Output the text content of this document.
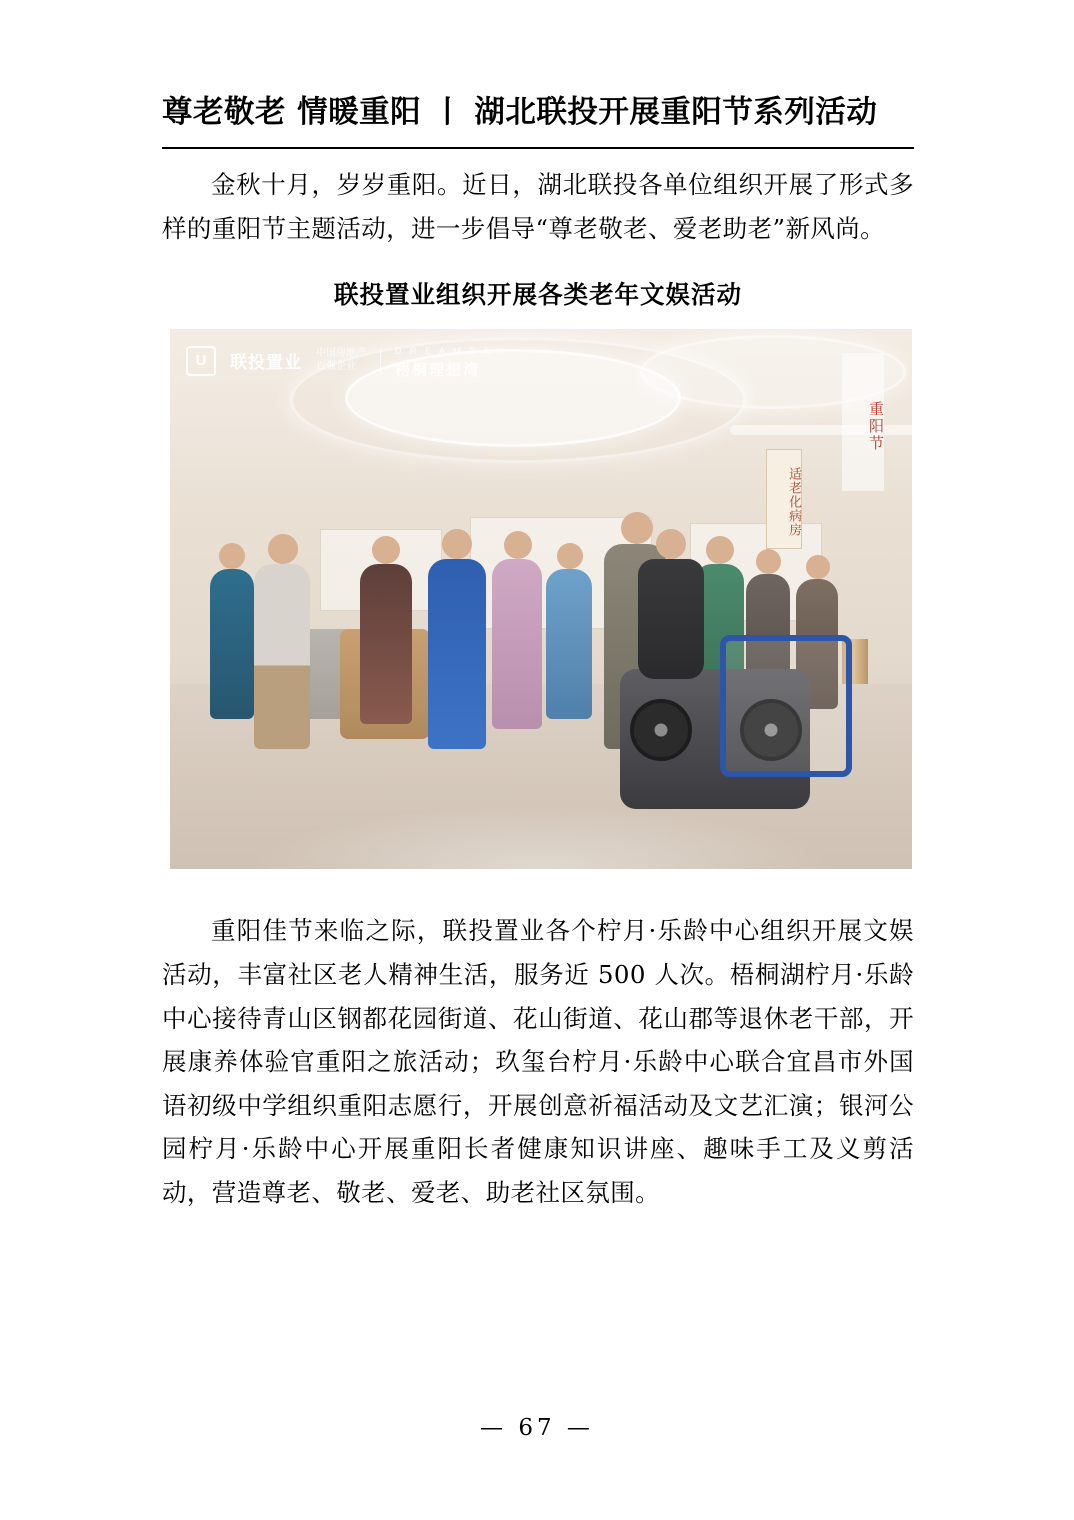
尊老敬老 情暖重阳 丨 湖北联投开展重阳节系列活动

金秋十月，岁岁重阳。近日，湖北联投各单位组织开展了形式多样的重阳节主题活动，进一步倡导“尊老敬老、爱老助老”新风尚。

联投置业组织开展各类老年文娱活动
重阳节
适老化病房
U	联投置业 中国房地产
百强企业
D R E A M B A Y
梧桐理想湾

重阳佳节来临之际，联投置业各个柠月·乐龄中心组织开展文娱活动，丰富社区老人精神生活，服务近 500 人次。梧桐湖柠月·乐龄中心接待青山区钢都花园街道、花山街道、花山郡等退休老干部，开展康养体验官重阳之旅活动；玖玺台柠月·乐龄中心联合宜昌市外国语初级中学组织重阳志愿行，开展创意祈福活动及文艺汇演；银河公园柠月·乐龄中心开展重阳长者健康知识讲座、趣味手工及义剪活动，营造尊老、敬老、爱老、助老社区氛围。

— 67 —
